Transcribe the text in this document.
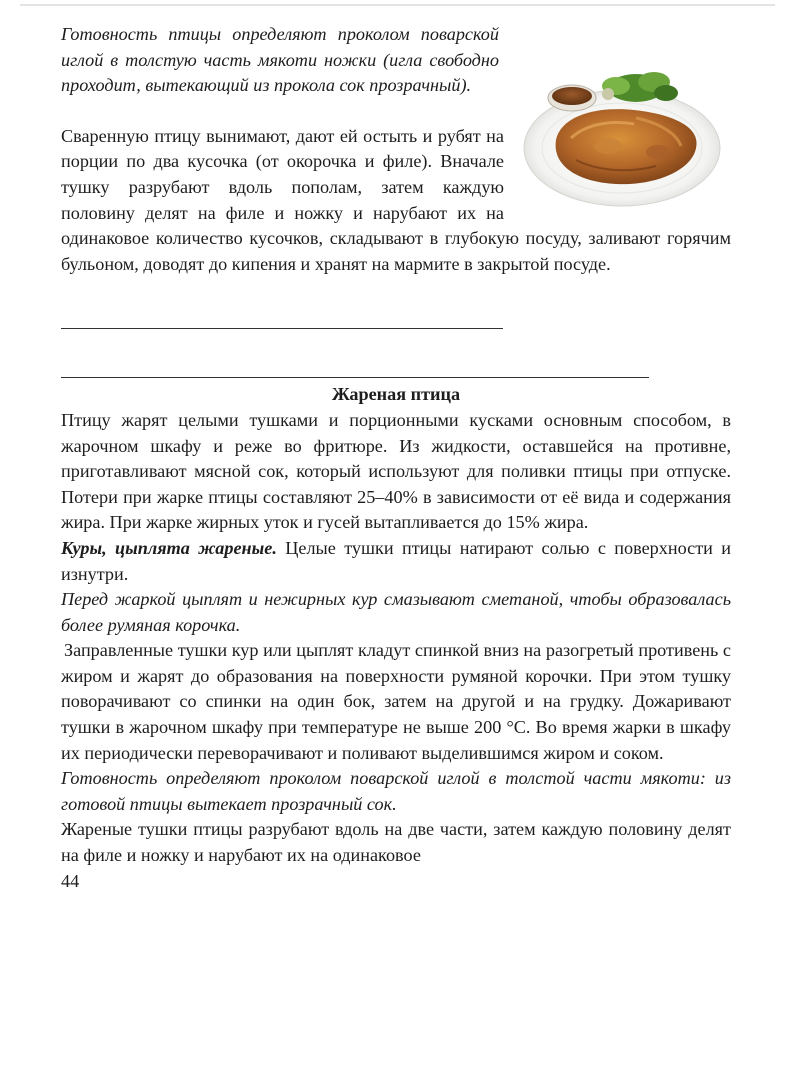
Готовность птицы определяют проколом поварской иглой в толстую часть мякоти ножки (игла свободно проходит, вытекающий из прокола сок прозрачный).

Сваренную птицу вынимают, дают ей остыть и рубят на порции по два кусочка (от окорочка и филе). Вначале тушку разрубают вдоль пополам, затем каждую половину делят на филе и ножку и нарубают их на одинаковое количество кусочков, складывают в глубокую посуду, заливают горячим бульоном, доводят до кипения и хранят на мармите в закрытой посуде.

Жареная птица

Птицу жарят целыми тушками и порционными кусками основным способом, в жарочном шкафу и реже во фритюре. Из жидкости, оставшейся на противне, приготавливают мясной сок, который используют для поливки птицы при отпуске. Потери при жарке птицы составляют 25–40% в зависимости от её вида и содержания жира. При жарке жирных уток и гусей вытапливается до 15% жира.

Куры, цыплята жареные. Целые тушки птицы натирают солью с поверхности и изнутри.

Перед жаркой цыплят и нежирных кур смазывают сметаной, чтобы образовалась более румяная корочка.

Заправленные тушки кур или цыплят кладут спинкой вниз на разогретый противень с жиром и жарят до образования на поверхности румяной корочки. При этом тушку поворачивают со спинки на один бок, затем на другой и на грудку. Дожаривают тушки в жарочном шкафу при температуре не выше 200 °С. Во время жарки в шкафу их периодически переворачивают и поливают выделившимся жиром и соком.

Готовность определяют проколом поварской иглой в толстой части мякоти: из готовой птицы вытекает прозрачный сок.

Жареные тушки птицы разрубают вдоль на две части, затем каждую половину делят на филе и ножку и нарубают их на одинаковое

44
